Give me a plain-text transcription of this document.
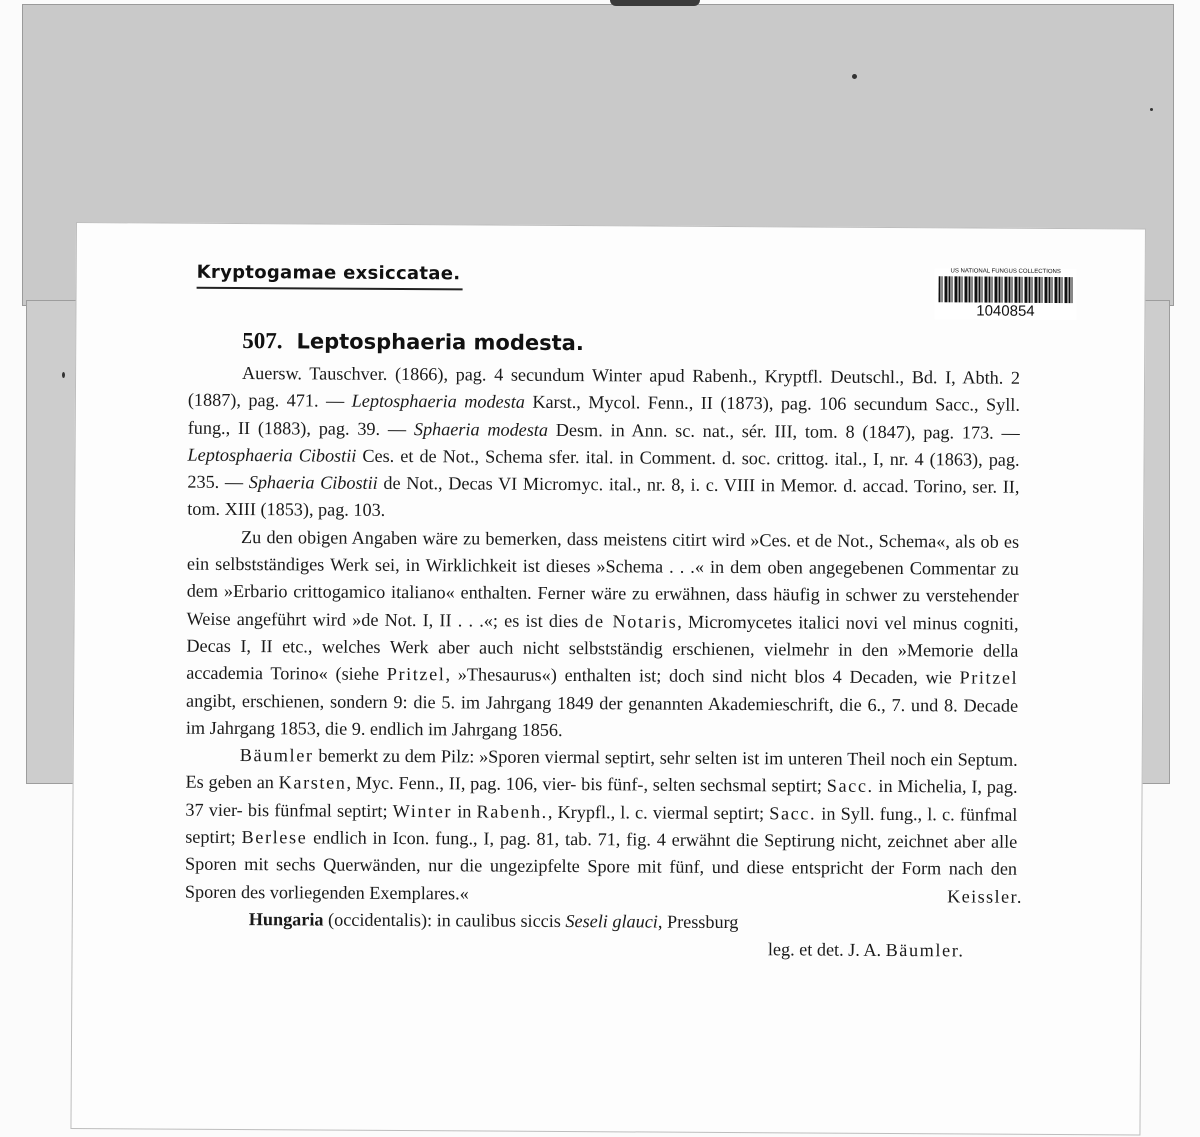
Kryptogamae exsiccatae.	US NATIONAL FUNGUS COLLECTIONS
1040854
507. Leptosphaeria modesta.

Auersw. Tauschver. (1866), pag. 4 secundum Winter apud Rabenh., Kryptfl. Deutschl., Bd. I, Abth. 2 (1887), pag. 471. — Leptosphaeria modesta Karst., Mycol. Fenn., II (1873), pag. 106 secundum Sacc., Syll. fung., II (1883), pag. 39. — Sphaeria modesta Desm. in Ann. sc. nat., sér. III, tom. 8 (1847), pag. 173. — Leptosphaeria Cibostii Ces. et de Not., Schema sfer. ital. in Comment. d. soc. crittog. ital., I, nr. 4 (1863), pag. 235. — Sphaeria Cibostii de Not., Decas VI Micromyc. ital., nr. 8, i. c. VIII in Memor. d. accad. Torino, ser. II, tom. XIII (1853), pag. 103.

Zu den obigen Angaben wäre zu bemerken, dass meistens citirt wird »Ces. et de Not., Schema«, als ob es ein selbstständiges Werk sei, in Wirklichkeit ist dieses »Schema . . .« in dem oben angegebenen Commentar zu dem »Erbario crittogamico italiano« enthalten. Ferner wäre zu erwähnen, dass häufig in schwer zu verstehender Weise angeführt wird »de Not. I, II . . .«; es ist dies de Notaris, Micromycetes italici novi vel minus cogniti, Decas I, II etc., welches Werk aber auch nicht selbstständig erschienen, vielmehr in den »Memorie della accademia Torino« (siehe Pritzel, »Thesaurus«) enthalten ist; doch sind nicht blos 4 Decaden, wie Pritzel angibt, erschienen, sondern 9: die 5. im Jahrgang 1849 der genannten Akademieschrift, die 6., 7. und 8. Decade im Jahrgang 1853, die 9. endlich im Jahrgang 1856.

Bäumler bemerkt zu dem Pilz: »Sporen viermal septirt, sehr selten ist im unteren Theil noch ein Septum. Es geben an Karsten, Myc. Fenn., II, pag. 106, vier- bis fünf-, selten sechsmal septirt; Sacc. in Michelia, I, pag. 37 vier- bis fünfmal septirt; Winter in Rabenh., Krypfl., l. c. viermal septirt; Sacc. in Syll. fung., l. c. fünfmal septirt; Berlese endlich in Icon. fung., I, pag. 81, tab. 71, fig. 4 erwähnt die Septirung nicht, zeichnet aber alle Sporen mit sechs Querwänden, nur die ungezipfelte Spore mit fünf, und diese entspricht der Form nach den Sporen des vorliegenden Exemplares.«	Keissler.

Hungaria (occidentalis): in caulibus siccis Seseli glauci, Pressburg

leg. et det. J. A. Bäumler.
